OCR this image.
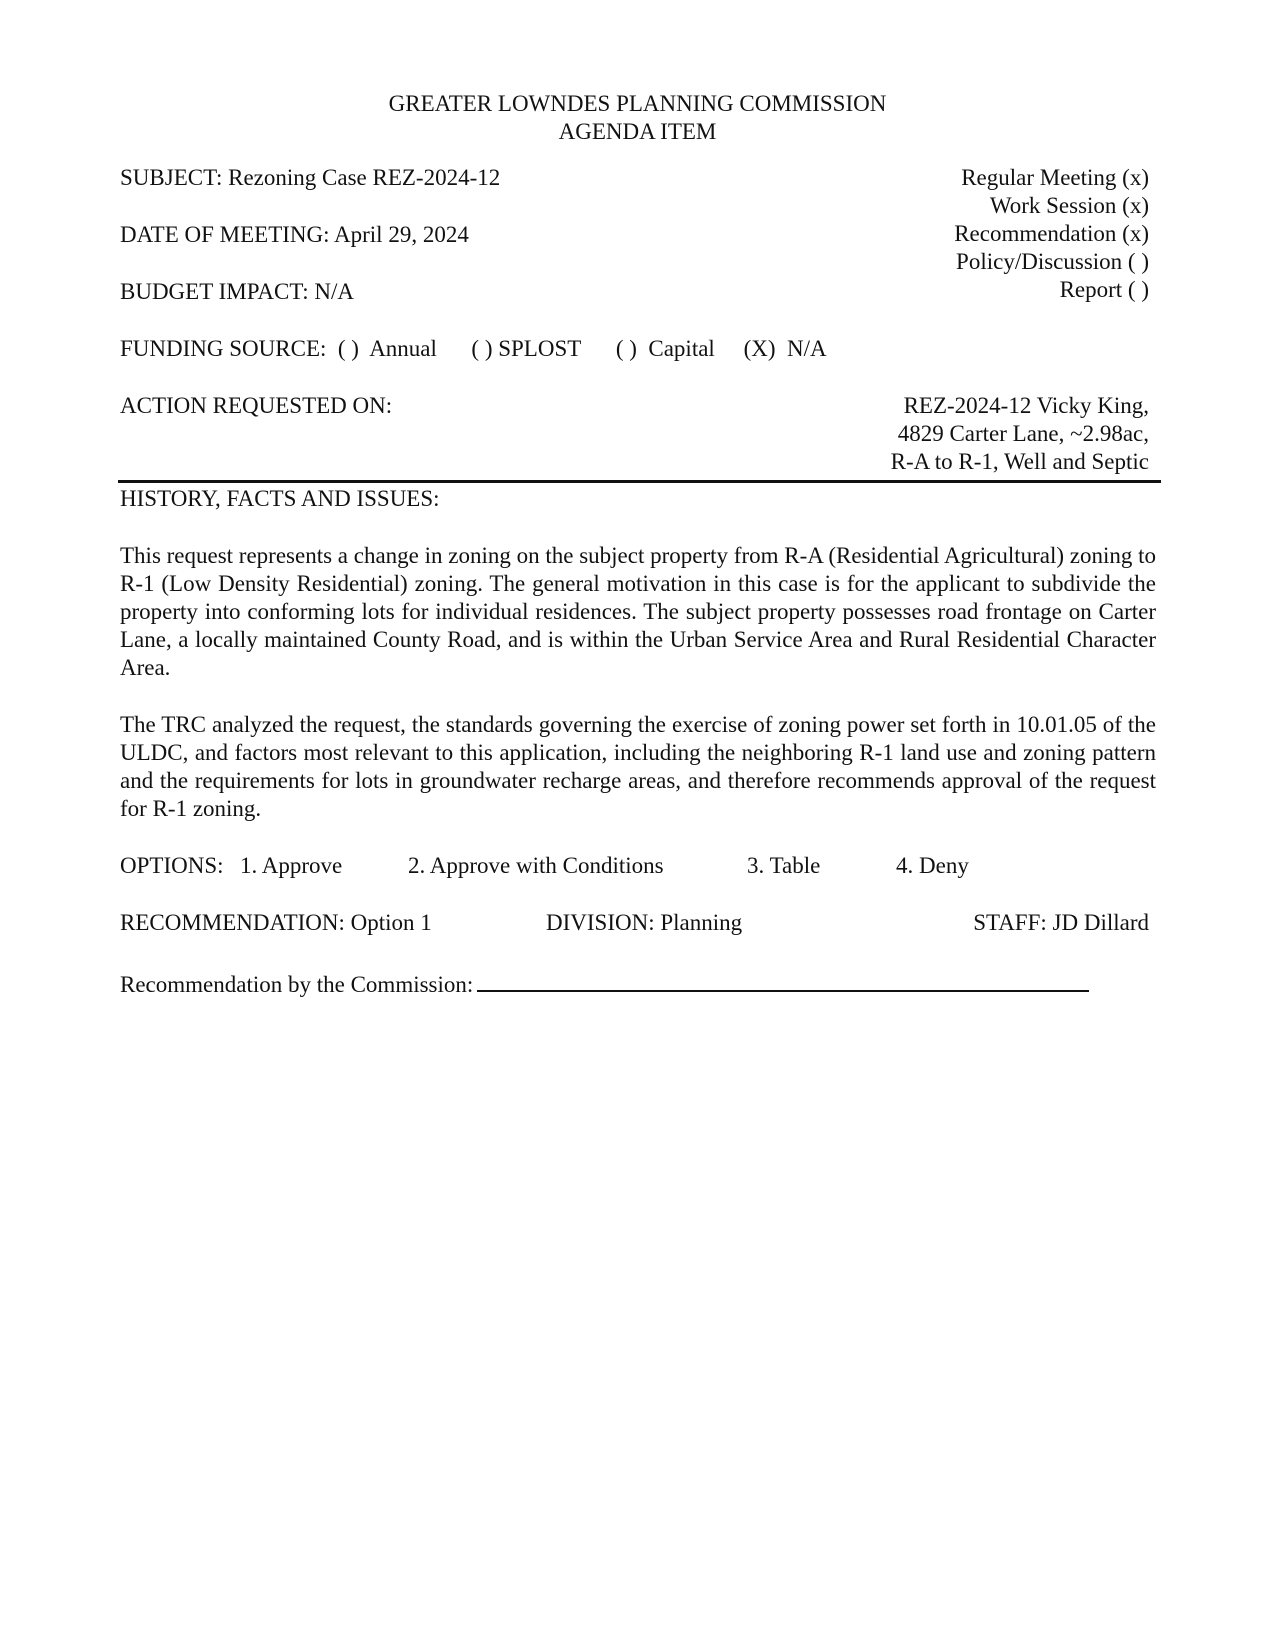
GREATER LOWNDES PLANNING COMMISSION
AGENDA ITEM
SUBJECT: Rezoning Case REZ-2024-12
DATE OF MEETING: April 29, 2024
BUDGET IMPACT: N/A
Regular Meeting (x)
Work Session (x)
Recommendation (x)
Policy/Discussion ( )
Report ( )
FUNDING SOURCE: ( )  Annual ( ) SPLOST ( )  Capital (X)  N/A
ACTION REQUESTED ON:	REZ-2024-12 Vicky King,
4829 Carter Lane, ~2.98ac,
R-A to R-1, Well and Septic
HISTORY, FACTS AND ISSUES:

This request represents a change in zoning on the subject property from R-A (Residential Agricultural) zoning to R-1 (Low Density Residential) zoning. The general motivation in this case is for the applicant to subdivide the property into conforming lots for individual residences. The subject property possesses road frontage on Carter Lane, a locally maintained County Road, and is within the Urban Service Area and Rural Residential Character Area.

The TRC analyzed the request, the standards governing the exercise of zoning power set forth in 10.01.05 of the ULDC, and factors most relevant to this application, including the neighboring R-1 land use and zoning pattern and the requirements for lots in groundwater recharge areas, and therefore recommends approval of the request for R-1 zoning.

OPTIONS: 1. Approve	2. Approve with Conditions	3. Table	4. Deny
RECOMMENDATION: Option 1	DIVISION: Planning	STAFF: JD Dillard
Recommendation by the Commission:
